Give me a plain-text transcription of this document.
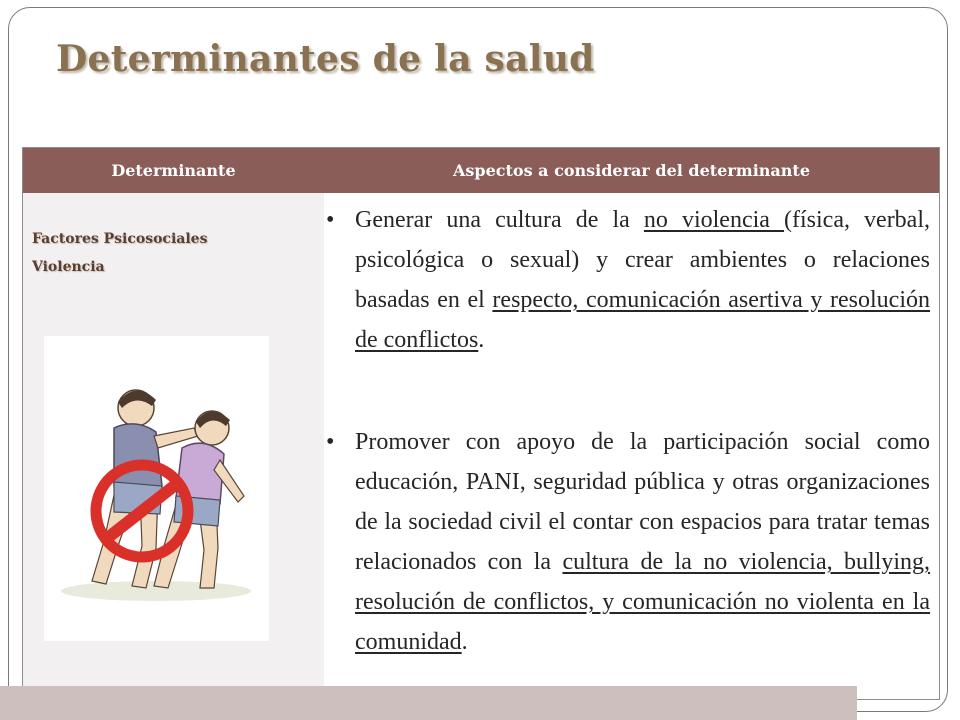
Determinantes de la salud
Determinante	Aspectos a considerar del determinante
Factores Psicosociales
Violencia
• Generar una cultura de la no violencia (física, verbal, psicológica o sexual) y crear ambientes o relaciones basadas en el respecto, comunicación asertiva y resolución de conflictos.
• Promover con apoyo de la participación social como educación, PANI, seguridad pública y otras organizaciones de la sociedad civil el contar con espacios para tratar temas relacionados con la cultura de la no violencia, bullying, resolución de conflictos, y comunicación no violenta en la comunidad.
